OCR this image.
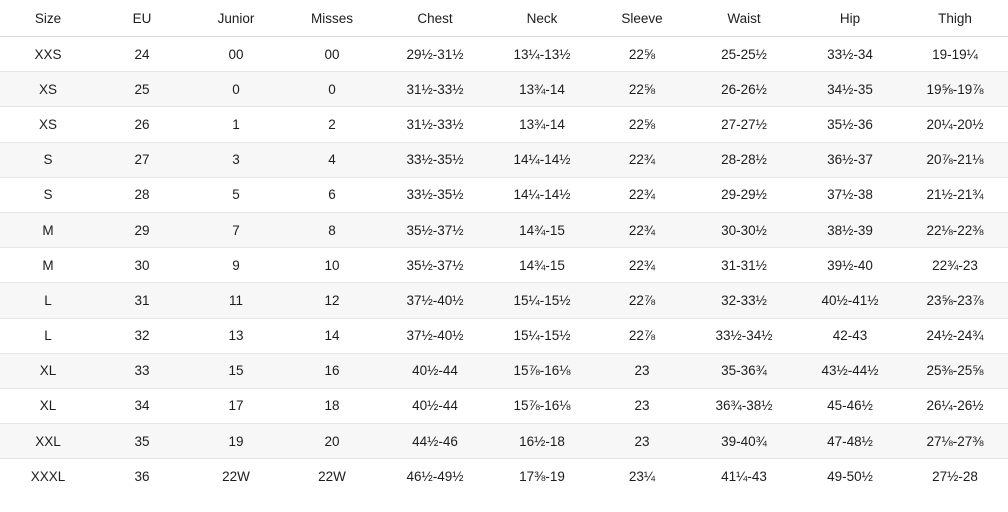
Size	EU	Junior	Misses	Chest	Neck	Sleeve	Waist	Hip	Thigh
XXS	24	00	00	29½-31½	13¼-13½	22⅝	25-25½	33½-34	19-19¼
XS	25	0	0	31½-33½	13¾-14	22⅝	26-26½	34½-35	19⅝-19⅞
XS	26	1	2	31½-33½	13¾-14	22⅝	27-27½	35½-36	20¼-20½
S	27	3	4	33½-35½	14¼-14½	22¾	28-28½	36½-37	20⅞-21⅛
S	28	5	6	33½-35½	14¼-14½	22¾	29-29½	37½-38	21½-21¾
M	29	7	8	35½-37½	14¾-15	22¾	30-30½	38½-39	22⅛-22⅜
M	30	9	10	35½-37½	14¾-15	22¾	31-31½	39½-40	22¾-23
L	31	11	12	37½-40½	15¼-15½	22⅞	32-33½	40½-41½	23⅝-23⅞
L	32	13	14	37½-40½	15¼-15½	22⅞	33½-34½	42-43	24½-24¾
XL	33	15	16	40½-44	15⅞-16⅛	23	35-36¾	43½-44½	25⅜-25⅝
XL	34	17	18	40½-44	15⅞-16⅛	23	36¾-38½	45-46½	26¼-26½
XXL	35	19	20	44½-46	16½-18	23	39-40¾	47-48½	27⅛-27⅜
XXXL	36	22W	22W	46½-49½	17⅜-19	23¼	41¼-43	49-50½	27½-28
